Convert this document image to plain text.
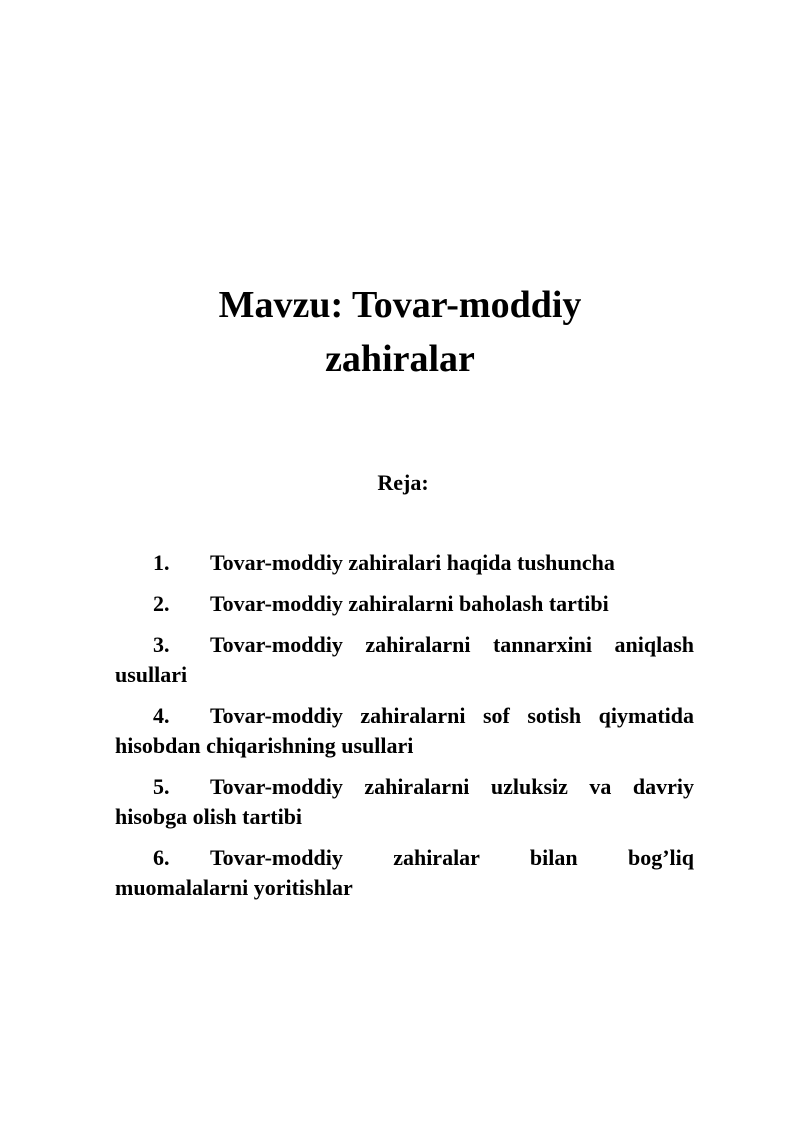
Mavzu: Tovar-moddiy
zahiralar
Reja:
1. Tovar-moddiy zahiralari haqida tushuncha
2. Tovar-moddiy zahiralarni baholash tartibi
3. Tovar-moddiy zahiralarni tannarxini aniqlash usullari
4. Tovar-moddiy zahiralarni sof sotish qiymatida hisobdan chiqarishning usullari
5. Tovar-moddiy zahiralarni uzluksiz va davriy hisobga olish tartibi
6. Tovar-moddiy zahiralar bilan bog’liq muomalalarni yoritishlar
